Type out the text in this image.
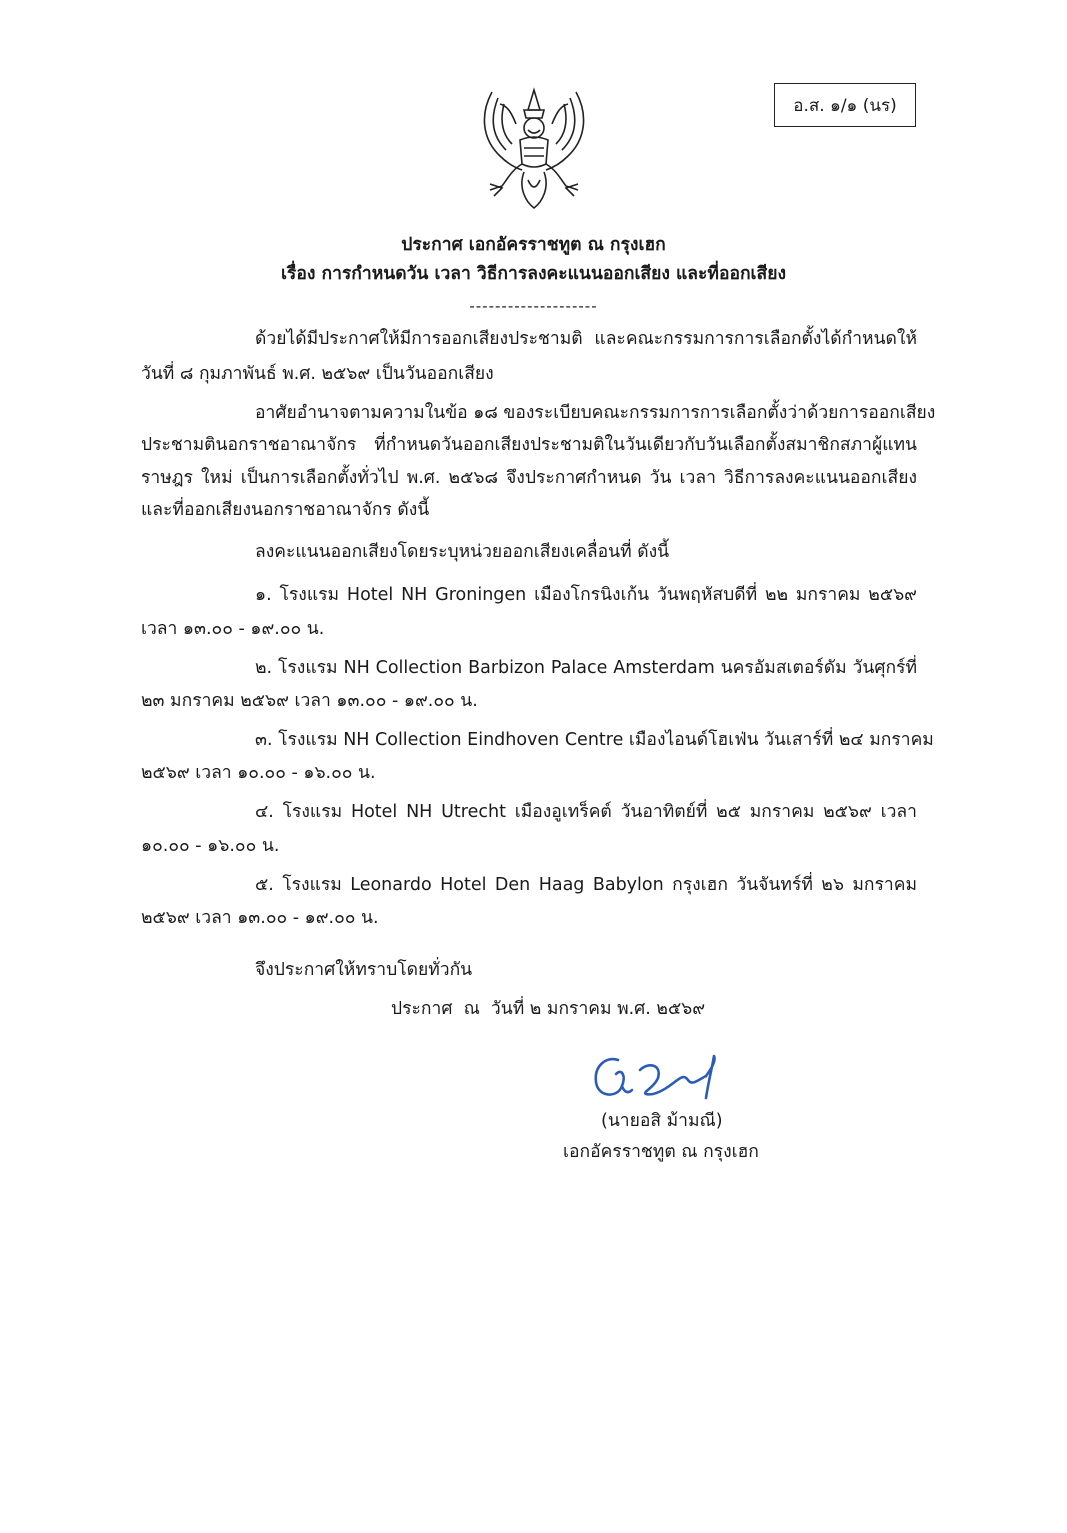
อ.ส. ๑/๑ (นร)
ประกาศ เอกอัครราชทูต ณ กรุงเฮก
เรื่อง การกำหนดวัน เวลา วิธีการลงคะแนนออกเสียง และที่ออกเสียง
--------------------
ด้วยได้มีประกาศให้มีการออกเสียงประชามติ และคณะกรรมการการเลือกตั้งได้กำหนดให้
วันที่ ๘ กุมภาพันธ์ พ.ศ. ๒๕๖๙ เป็นวันออกเสียง
อาศัยอำนาจตามความในข้อ ๑๘ ของระเบียบคณะกรรมการการเลือกตั้งว่าด้วยการออกเสียง
ประชามตินอกราชอาณาจักร ที่กำหนดวันออกเสียงประชามติในวันเดียวกับวันเลือกตั้งสมาชิกสภาผู้แทน
ราษฎร ใหม่ เป็นการเลือกตั้งทั่วไป พ.ศ. ๒๕๖๘ จึงประกาศกำหนด วัน เวลา วิธีการลงคะแนนออกเสียง
และที่ออกเสียงนอกราชอาณาจักร ดังนี้
ลงคะแนนออกเสียงโดยระบุหน่วยออกเสียงเคลื่อนที่ ดังนี้
๑. โรงแรม Hotel NH Groningen เมืองโกรนิงเก้น วันพฤหัสบดีที่ ๒๒ มกราคม ๒๕๖๙
เวลา ๑๓.๐๐ - ๑๙.๐๐ น.
๒. โรงแรม NH Collection Barbizon Palace Amsterdam นครอัมสเตอร์ดัม วันศุกร์ที่
๒๓ มกราคม ๒๕๖๙ เวลา ๑๓.๐๐ - ๑๙.๐๐ น.
๓. โรงแรม NH Collection Eindhoven Centre เมืองไอนด์โฮเฟ่น วันเสาร์ที่ ๒๔ มกราคม
๒๕๖๙ เวลา ๑๐.๐๐ - ๑๖.๐๐ น.
๔. โรงแรม Hotel NH Utrecht เมืองอูเทร็คต์ วันอาทิตย์ที่ ๒๕ มกราคม ๒๕๖๙ เวลา
๑๐.๐๐ - ๑๖.๐๐ น.
๕. โรงแรม Leonardo Hotel Den Haag Babylon กรุงเฮก วันจันทร์ที่ ๒๖ มกราคม
๒๕๖๙ เวลา ๑๓.๐๐ - ๑๙.๐๐ น.
จึงประกาศให้ทราบโดยทั่วกัน
ประกาศ  ณ  วันที่ ๒ มกราคม พ.ศ. ๒๕๖๙
(นายอสิ ม้ามณี)
เอกอัครราชทูต ณ กรุงเฮก
